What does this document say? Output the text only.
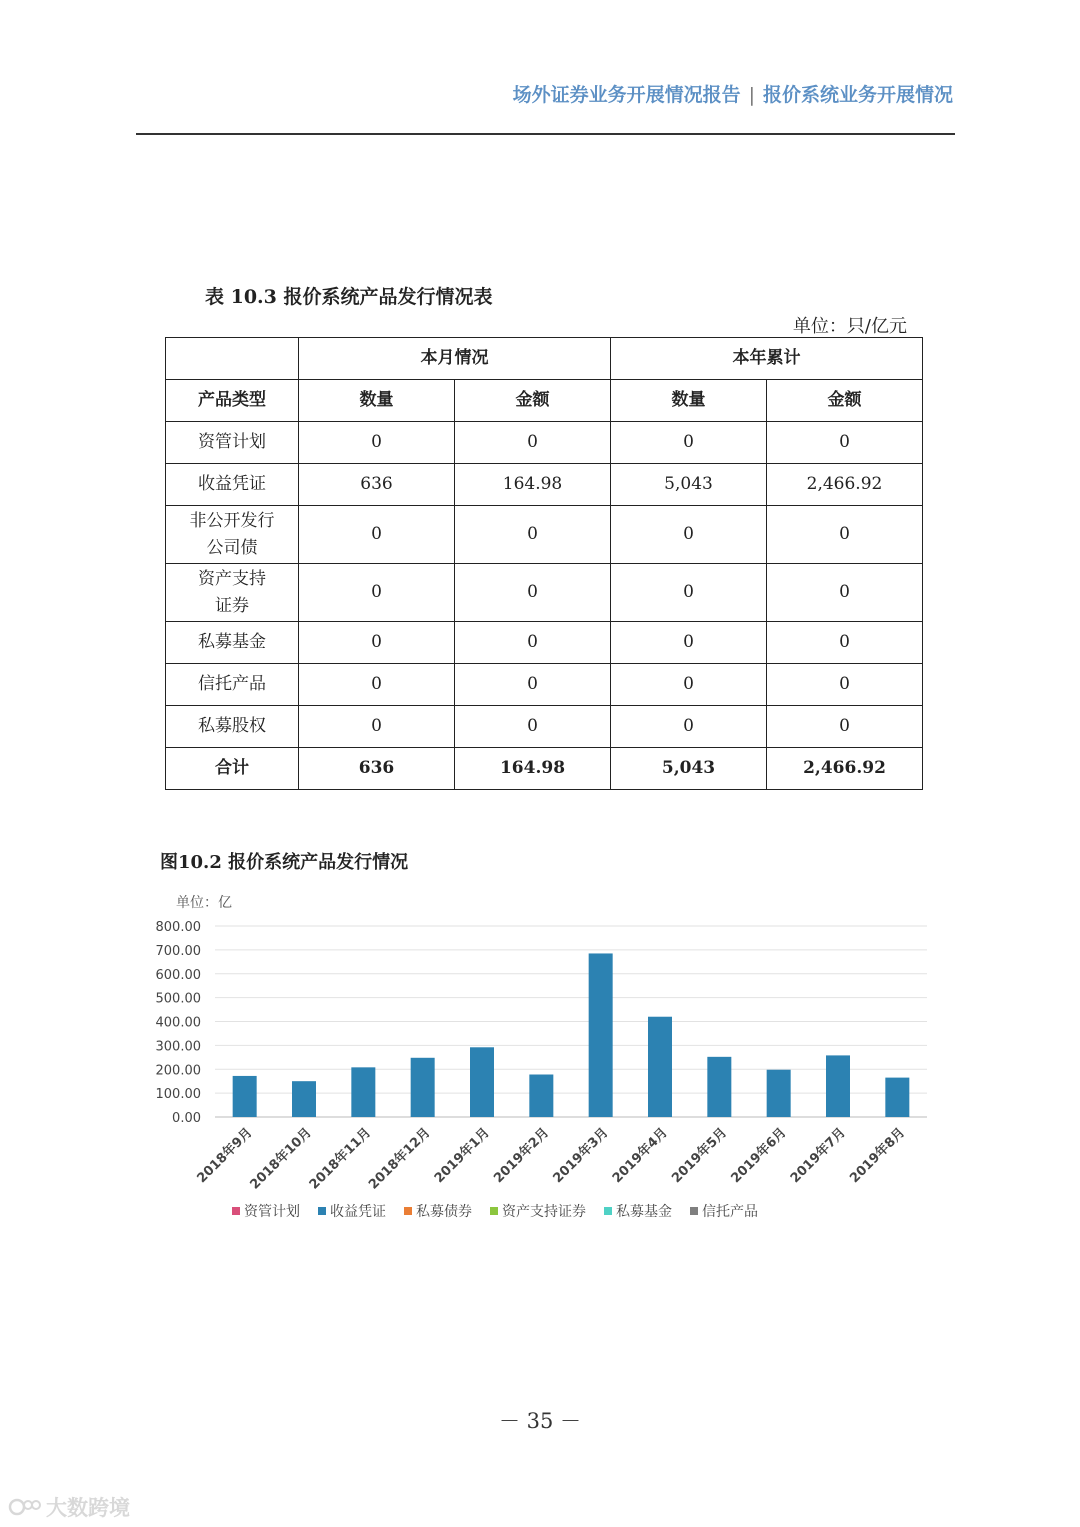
场外证券业务开展情况报告 | 报价系统业务开展情况
表 10.3 报价系统产品发行情况表
单位：只/亿元
	本月情况		本年累计	
产品类型	数量	金额	数量	金额
资管计划	0	0	0	0
收益凭证	636	164.98	5,043	2,466.92

非公开发行
公司债	0	0	0	0

资产支持
证券	0	0	0	0
私募基金	0	0	0	0
信托产品	0	0	0	0
私募股权	0	0	0	0
合计	636	164.98	5,043	2,466.92
图10.2 报价系统产品发行情况
单位：亿
0.00
100.00
200.00
300.00
400.00
500.00
600.00
700.00
800.00
2018年9月
2018年10月
2018年11月
2018年12月
2019年1月
2019年2月
2019年3月
2019年4月
2019年5月
2019年6月
2019年7月
2019年8月
资管计划 收益凭证 私募债券 资产支持证券 私募基金 信托产品
－ 35 －
大数跨境
